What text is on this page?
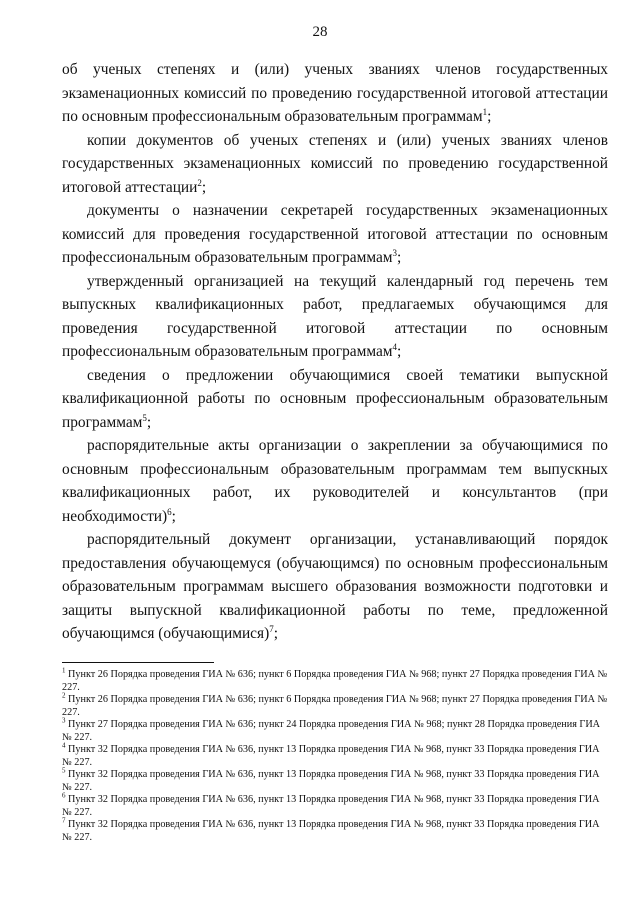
28

об ученых степенях и (или) ученых званиях членов государственных экзаменационных комиссий по проведению государственной итоговой аттестации по основным профессиональным образовательным программам$^1$;

копии документов об ученых степенях и (или) ученых званиях членов государственных экзаменационных комиссий по проведению государственной итоговой аттестации$^2$;

документы о назначении секретарей государственных экзаменационных комиссий для проведения государственной итоговой аттестации по основным профессиональным образовательным программам$^3$;

утвержденный организацией на текущий календарный год перечень тем выпускных квалификационных работ, предлагаемых обучающимся для проведения государственной итоговой аттестации по основным профессиональным образовательным программам$^4$;

сведения о предложении обучающимися своей тематики выпускной квалификационной работы по основным профессиональным образовательным программам$^5$;

распорядительные акты организации о закреплении за обучающимися по основным профессиональным образовательным программам тем выпускных квалификационных работ, их руководителей и консультантов (при необходимости)$^6$;

распорядительный документ организации, устанавливающий порядок предоставления обучающемуся (обучающимся) по основным профессиональным образовательным программам высшего образования возможности подготовки и защиты выпускной квалификационной работы по теме, предложенной обучающимся (обучающимися)$^7$;

$^1$ Пункт 26 Порядка проведения ГИА № 636; пункт 6 Порядка проведения ГИА № 968; пункт 27 Порядка проведения ГИА № 227.

$^2$ Пункт 26 Порядка проведения ГИА № 636; пункт 6 Порядка проведения ГИА № 968; пункт 27 Порядка проведения ГИА № 227.

$^3$ Пункт 27 Порядка проведения ГИА № 636; пункт 24 Порядка проведения ГИА № 968; пункт 28 Порядка проведения ГИА № 227.

$^4$ Пункт 32 Порядка проведения ГИА № 636, пункт 13 Порядка проведения ГИА № 968, пункт 33 Порядка проведения ГИА № 227.

$^5$ Пункт 32 Порядка проведения ГИА № 636, пункт 13 Порядка проведения ГИА № 968, пункт 33 Порядка проведения ГИА № 227.

$^6$ Пункт 32 Порядка проведения ГИА № 636, пункт 13 Порядка проведения ГИА № 968, пункт 33 Порядка проведения ГИА № 227.

$^7$ Пункт 32 Порядка проведения ГИА № 636, пункт 13 Порядка проведения ГИА № 968, пункт 33 Порядка проведения ГИА № 227.
